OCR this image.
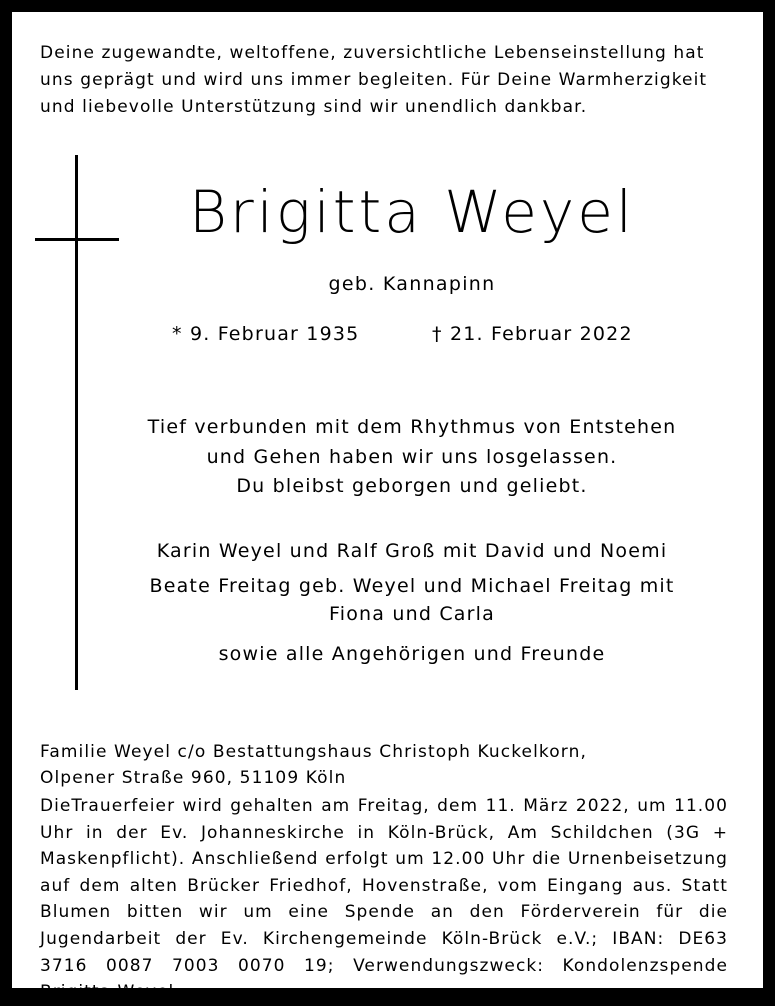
Deine zugewandte, weltoffene, zuversichtliche Lebenseinstellung hat uns geprägt und wird uns immer begleiten. Für Deine Warmherzigkeit und liebevolle Unterstützung sind wir unendlich dankbar.

Brigitta Weyel
geb. Kannapinn
* 9. Februar 1935	† 21. Februar 2022
Tief verbunden mit dem Rhythmus von Entstehen
und Gehen haben wir uns losgelassen.
Du bleibst geborgen und geliebt.
Karin Weyel und Ralf Groß mit David und Noemi
Beate Freitag geb. Weyel und Michael Freitag mit
Fiona und Carla
sowie alle Angehörigen und Freunde
Familie Weyel c/o Bestattungshaus Christoph Kuckelkorn,
Olpener Straße 960, 51109 Köln

DieTrauerfeier wird gehalten am Freitag, dem 11. März 2022, um 11.00 Uhr in der Ev. Johanneskirche in Köln-Brück, Am Schildchen (3G + Maskenpflicht). Anschließend erfolgt um 12.00 Uhr die Urnenbeisetzung auf dem alten Brücker Friedhof, Hovenstraße, vom Eingang aus. Statt Blumen bitten wir um eine Spende an den Förderverein für die Jugendarbeit der Ev. Kirchengemeinde Köln-Brück e.V.; IBAN: DE63 3716 0087 7003 0070 19; Verwendungszweck: Kondolenzspende Brigitta Weyel.
